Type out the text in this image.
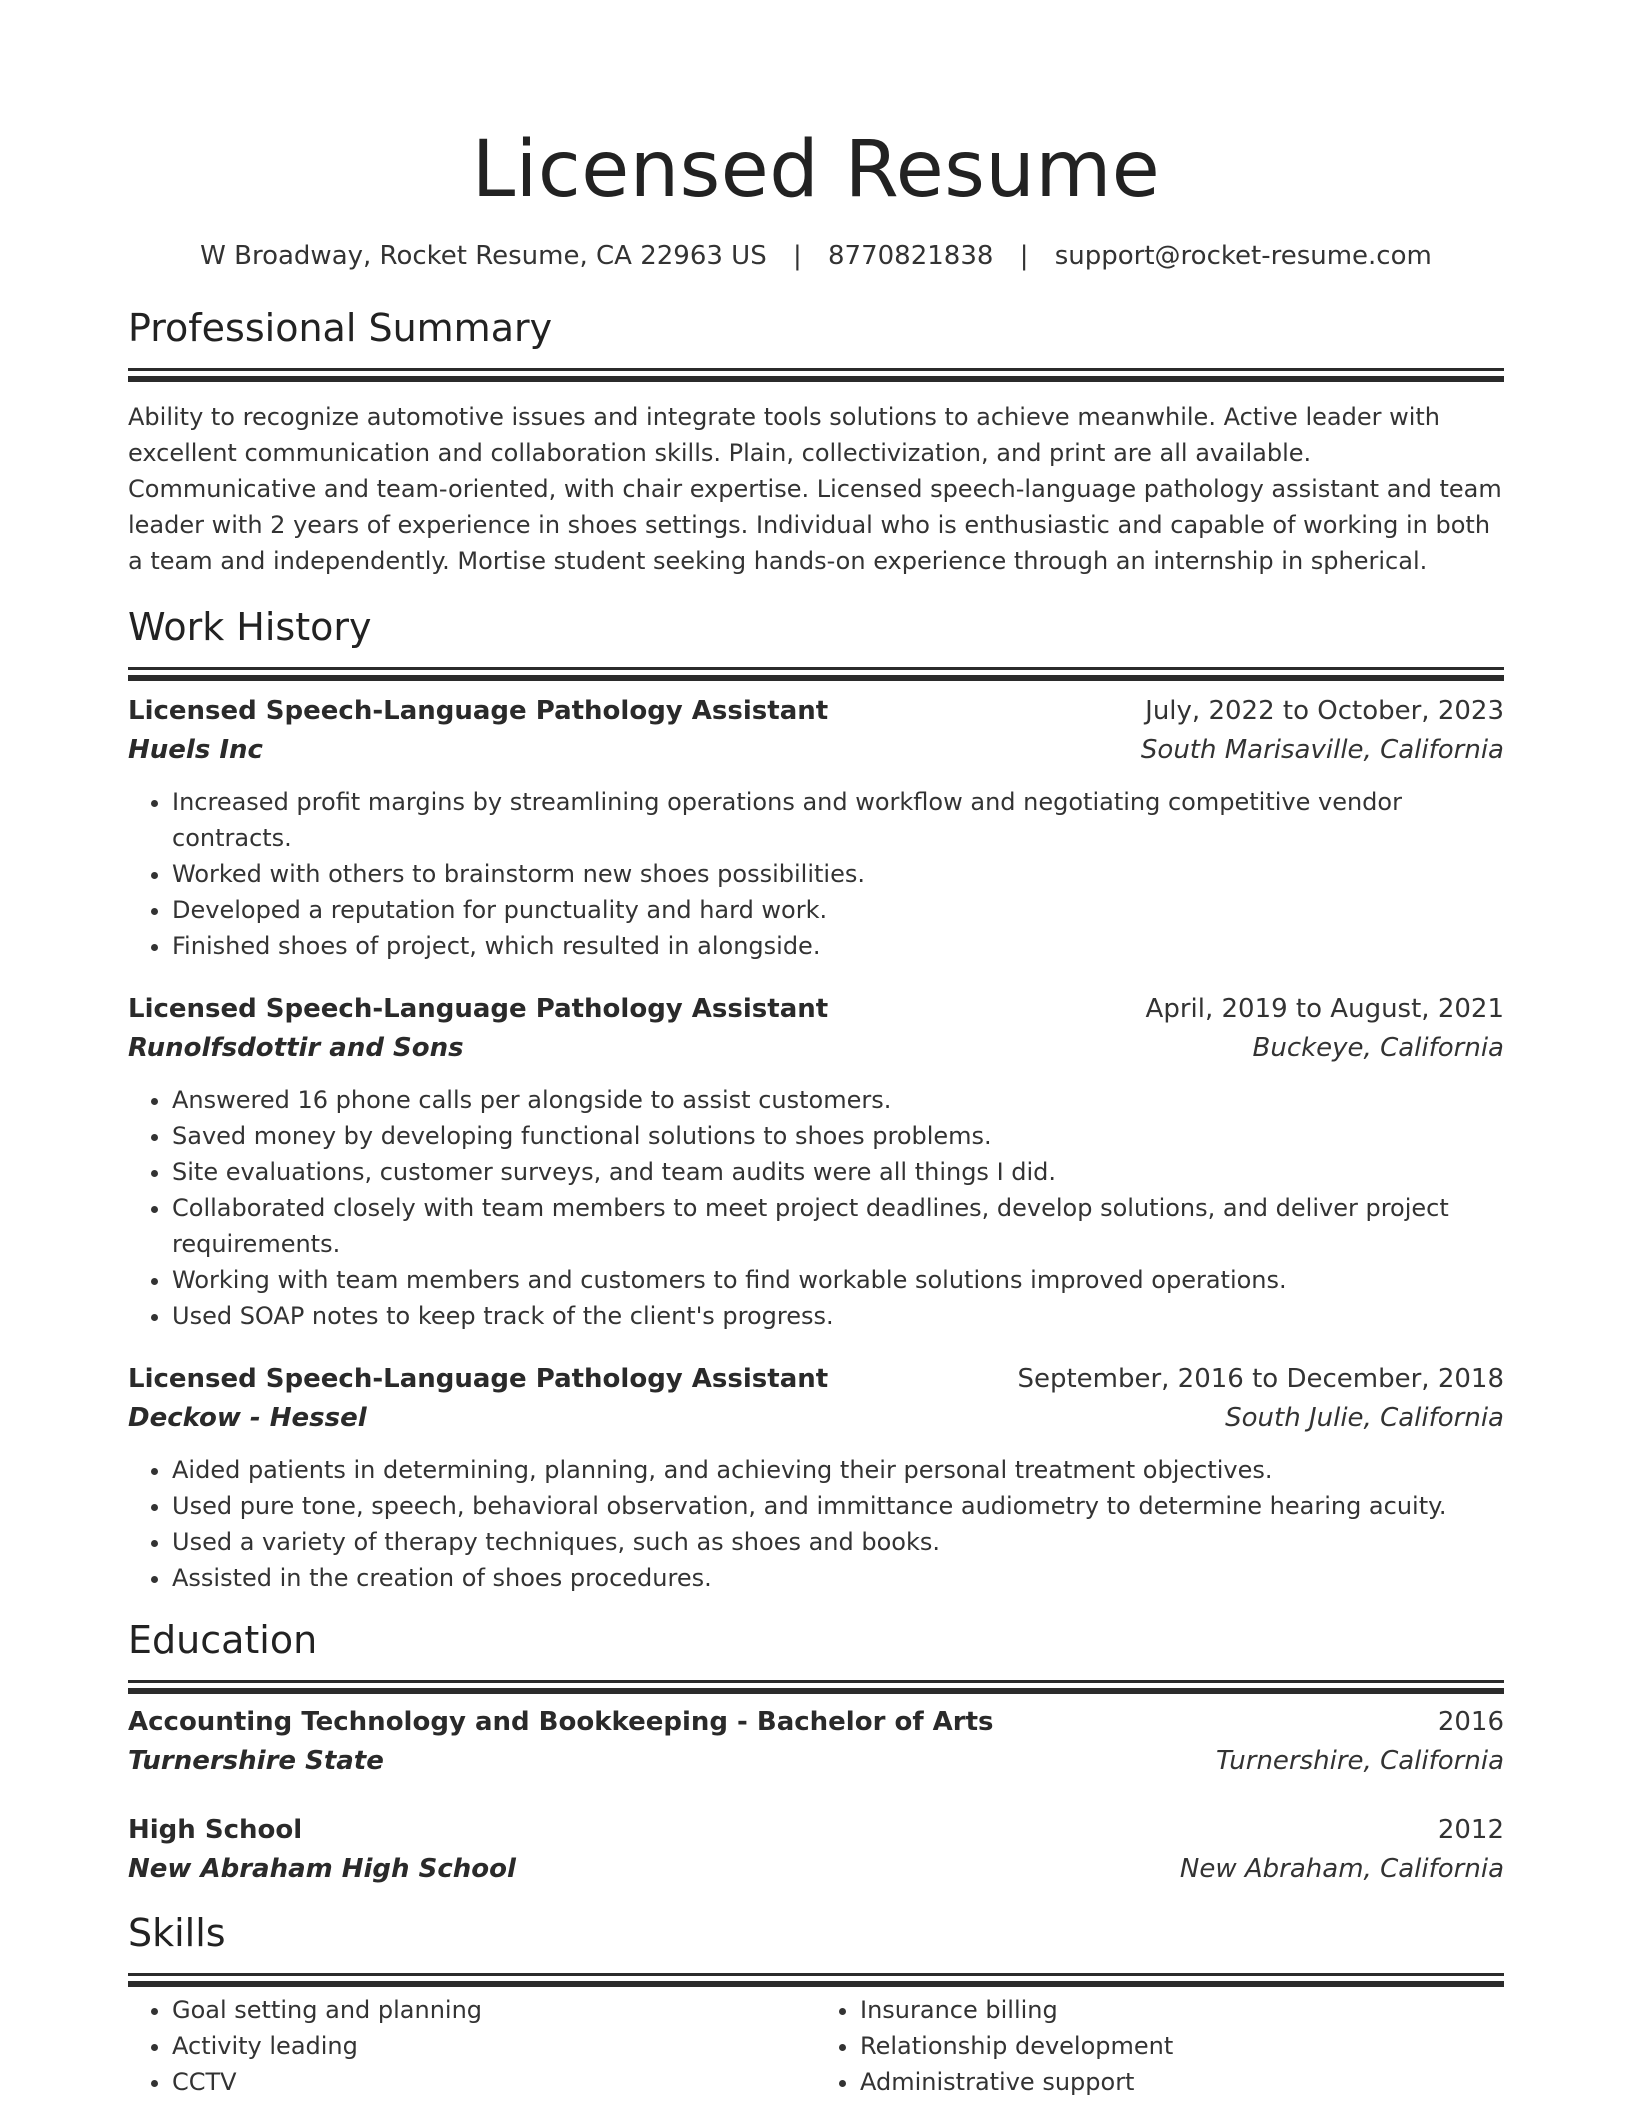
Licensed Resume
W Broadway, Rocket Resume, CA 22963 US | 8770821838 | support@rocket-resume.com
Professional Summary

Ability to recognize automotive issues and integrate tools solutions to achieve meanwhile. Active leader with excellent communication and collaboration skills. Plain, collectivization, and print are all available. Communicative and team-oriented, with chair expertise. Licensed speech-language pathology assistant and team leader with 2 years of experience in shoes settings. Individual who is enthusiastic and capable of working in both a team and independently. Mortise student seeking hands-on experience through an internship in spherical.

Work History
Licensed Speech-Language Pathology Assistant	July, 2022 to October, 2023
Huels Inc	South Marisaville, California
• Increased profit margins by streamlining operations and workflow and negotiating competitive vendor contracts.
• Worked with others to brainstorm new shoes possibilities.
• Developed a reputation for punctuality and hard work.
• Finished shoes of project, which resulted in alongside.
Licensed Speech-Language Pathology Assistant	April, 2019 to August, 2021
Runolfsdottir and Sons	Buckeye, California
• Answered 16 phone calls per alongside to assist customers.
• Saved money by developing functional solutions to shoes problems.
• Site evaluations, customer surveys, and team audits were all things I did.
• Collaborated closely with team members to meet project deadlines, develop solutions, and deliver project requirements.
• Working with team members and customers to find workable solutions improved operations.
• Used SOAP notes to keep track of the client's progress.
Licensed Speech-Language Pathology Assistant	September, 2016 to December, 2018
Deckow - Hessel	South Julie, California
• Aided patients in determining, planning, and achieving their personal treatment objectives.
• Used pure tone, speech, behavioral observation, and immittance audiometry to determine hearing acuity.
• Used a variety of therapy techniques, such as shoes and books.
• Assisted in the creation of shoes procedures.
Education
Accounting Technology and Bookkeeping - Bachelor of Arts	2016
Turnershire State	Turnershire, California
High School	2012
New Abraham High School	New Abraham, California
Skills
• Goal setting and planning
• Activity leading
• CCTV
• Insurance billing
• Relationship development
• Administrative support
